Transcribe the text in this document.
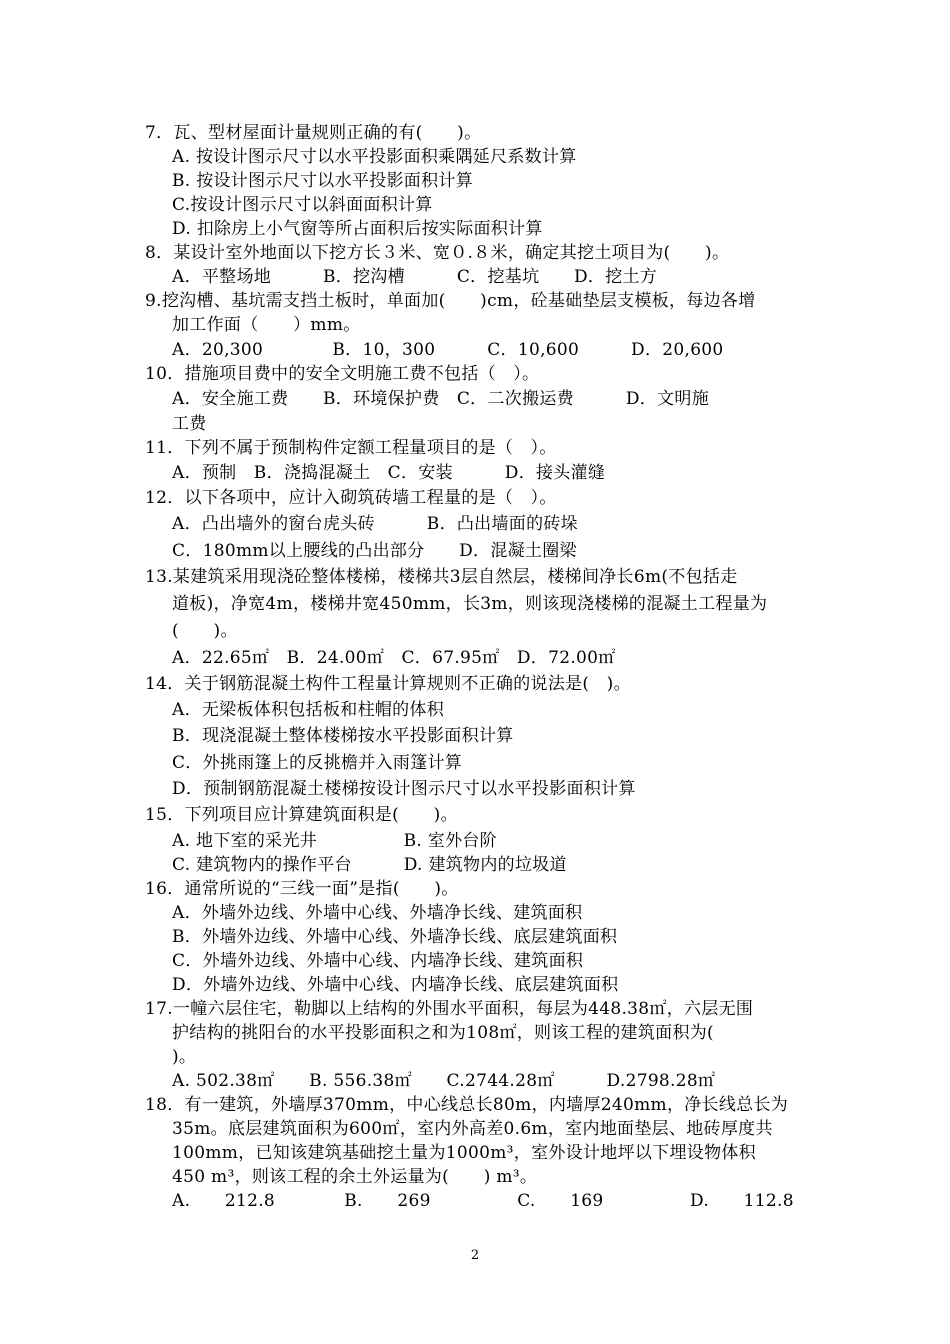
7．瓦、型材屋面计量规则正确的有(　　)。
A. 按设计图示尺寸以水平投影面积乘隅延尺系数计算
B. 按设计图示尺寸以水平投影面积计算
C.按设计图示尺寸以斜面面积计算
D. 扣除房上小气窗等所占面积后按实际面积计算
8．某设计室外地面以下挖方长３米、宽０.８米，确定其挖土项目为(　　)。
A．平整场地　　　B．挖沟槽　　　C．挖基坑　　D．挖土方
9.挖沟槽、基坑需支挡土板时，单面加(　　)cm，砼基础垫层支模板，每边各增
加工作面（　　）mm。
A．20,300　　　　B．10，300　　　C．10,600　　　D．20,600
10．措施项目费中的安全文明施工费不包括（　）。
A．安全施工费　　B．环境保护费　C．二次搬运费　　　D．文明施
工费
11．下列不属于预制构件定额工程量项目的是（　）。
A．预制　B．浇捣混凝土　C．安装　　　D．接头灌缝
12．以下各项中，应计入砌筑砖墙工程量的是（　）。
A．凸出墙外的窗台虎头砖　　　B．凸出墙面的砖垛
C．180mm以上腰线的凸出部分　　D．混凝土圈梁
13.某建筑采用现浇砼整体楼梯，楼梯共3层自然层，楼梯间净长6m(不包括走
道板)，净宽4m，楼梯井宽450mm，长3m，则该现浇楼梯的混凝土工程量为
(　　)。
A．22.65㎡　B．24.00㎡　C．67.95㎡　D．72.00㎡
14．关于钢筋混凝土构件工程量计算规则不正确的说法是(　)。
A．无梁板体积包括板和柱帽的体积
B．现浇混凝土整体楼梯按水平投影面积计算
C．外挑雨篷上的反挑檐并入雨篷计算
D．预制钢筋混凝土楼梯按设计图示尺寸以水平投影面积计算
15．下列项目应计算建筑面积是(　　)。
A. 地下室的采光井　　　　　B. 室外台阶
C. 建筑物内的操作平台　　　D. 建筑物内的垃圾道
16．通常所说的“三线一面”是指(　　)。
A．外墙外边线、外墙中心线、外墙净长线、建筑面积
B．外墙外边线、外墙中心线、外墙净长线、底层建筑面积
C．外墙外边线、外墙中心线、内墙净长线、建筑面积
D．外墙外边线、外墙中心线、内墙净长线、底层建筑面积
17.一幢六层住宅，勒脚以上结构的外围水平面积，每层为448.38㎡，六层无围
护结构的挑阳台的水平投影面积之和为108㎡，则该工程的建筑面积为(
)。
A. 502.38㎡　　B. 556.38㎡　　C.2744.28㎡　　　D.2798.28㎡
18．有一建筑，外墙厚370mm，中心线总长80m，内墙厚240mm，净长线总长为
35m。底层建筑面积为600㎡，室内外高差0.6m，室内地面垫层、地砖厚度共
100mm，已知该建筑基础挖土量为1000m³，室外设计地坪以下埋设物体积
450 m³，则该工程的余土外运量为(　　) m³。
A.　　212.8　　　　B.　　269　　　　　C.　　169　　　　　D.　　112.8
2
